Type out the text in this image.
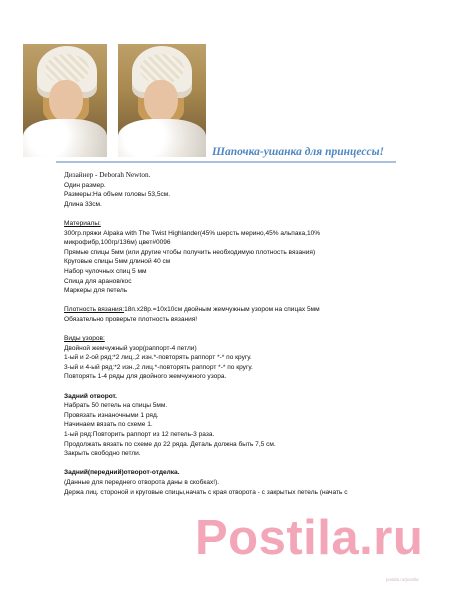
Шапочка-ушанка для принцессы!

Дизайнер - Deborah Newton.

Один размер.

Размеры:На объем головы 53,5см.

Длина 33см.

Материалы:

300гр.пряжи Alpaka with The Twist Highlander(45% шерсть мерино,45% альпака,10%

микрофибр,100гр/136м) цвет#0096

Прямые спицы 5мм (или другие чтобы получить необходимую плотность вязания)

Круговые спицы 5мм длиной 40 см

Набор чулочных спиц 5 мм

Спица для аранов/кос

Маркеры для петель

Плотность вязания:18п.х28р.=10х10см двойным жемчужным узором на спицах 5мм

Обязательно проверьте плотность вязания!

Виды узоров:

Двойной жемчужный узор(раппорт-4 петли)

1-ый и 2-ой ряд:*2 лиц.,2 изн.*-повторять раппорт *-* по кругу.

3-ый и 4-ый ряд:*2 изн.,2 лиц.*-повторять раппорт *-* по кругу.

Повторять 1-4 ряды для двойного жемчужного узора.

Задний отворот.

Набрать 50 петель на спицы 5мм.

Провязать изнаночными 1 ряд.

Начинаем вязать по схеме 1.

1-ый ряд:Повторить раппорт из 12 петель-3 раза.

Продолжать вязать по схеме до 22 ряда. Деталь должна быть 7,5 см.

Закрыть свободно петли.

Задний(передний)отворот-отделка.

(Данные для переднего отворота даны в скобках!).

Держа лиц. стороной и круговые спицы,начать с края отворота - с закрытых петель (начать с

Postila.ru

postila.ru/postila
